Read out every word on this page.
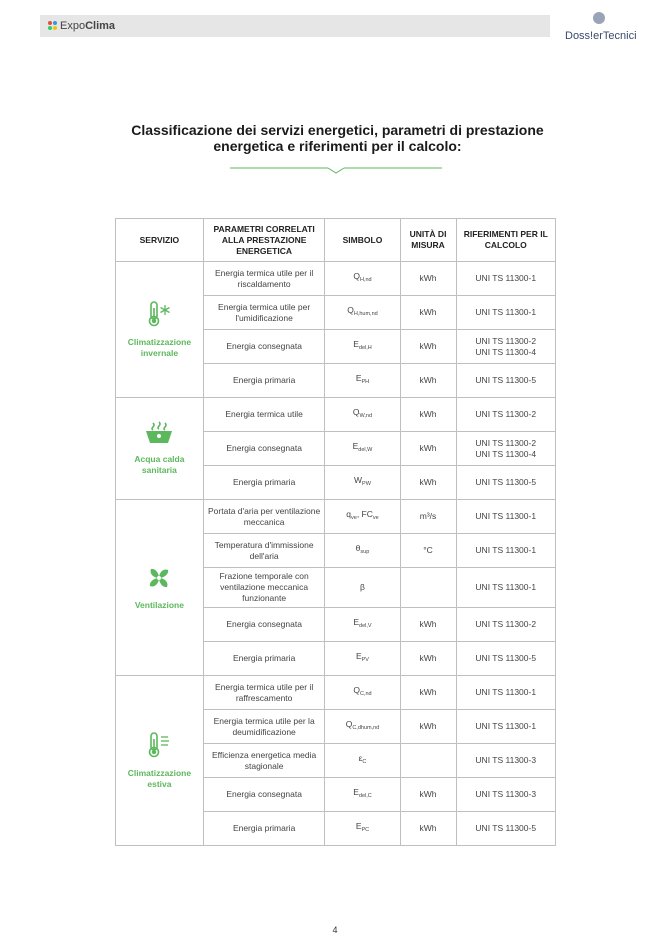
Expo Clima
Doss!erTecnici
Classificazione dei servizi energetici, parametri di prestazione energetica e riferimenti per il calcolo:
SERVIZIO	PARAMETRI CORRELATI ALLA PRESTAZIONE ENERGETICA	SIMBOLO	UNITÀ DI MISURA	RIFERIMENTI PER IL CALCOLO

Climatizzazione invernale	Energia termica utile per il riscaldamento	$Q_{H,nd}$	kWh	UNI TS 11300-1

	Energia termica utile per l'umidificazione	$Q_{H,hum,nd}$	kWh	UNI TS 11300-1

	Energia consegnata	$E_{del,H}$	kWh	UNI TS 11300-2
UNI TS 11300-4

	Energia primaria	$E_{PH}$	kWh	UNI TS 11300-5

Acqua calda sanitaria	Energia termica utile	$Q_{W,nd}$	kWh	UNI TS 11300-2

	Energia consegnata	$E_{del,W}$	kWh	UNI TS 11300-2
UNI TS 11300-4

	Energia primaria	$W_{PW}$	kWh	UNI TS 11300-5

Ventilazione	Portata d'aria per ventilazione meccanica	$q_{ve}$, $FC_{ve}$	m³/s	UNI TS 11300-1

	Temperatura d'immissione dell'aria	$\theta_{sup}$	°C	UNI TS 11300-1

	Frazione temporale con ventilazione meccanica funzionante	β		UNI TS 11300-1

	Energia consegnata	$E_{del,V}$	kWh	UNI TS 11300-2

	Energia primaria	$E_{PV}$	kWh	UNI TS 11300-5

Climatizzazione estiva	Energia termica utile per il raffrescamento	$Q_{C,nd}$	kWh	UNI TS 11300-1

	Energia termica utile per la deumidificazione	$Q_{C,dhum,nd}$	kWh	UNI TS 11300-1

	Efficienza energetica media stagionale	$\varepsilon_C$		UNI TS 11300-3

	Energia consegnata	$E_{del,C}$	kWh	UNI TS 11300-3

	Energia primaria	$E_{PC}$	kWh	UNI TS 11300-5
4
